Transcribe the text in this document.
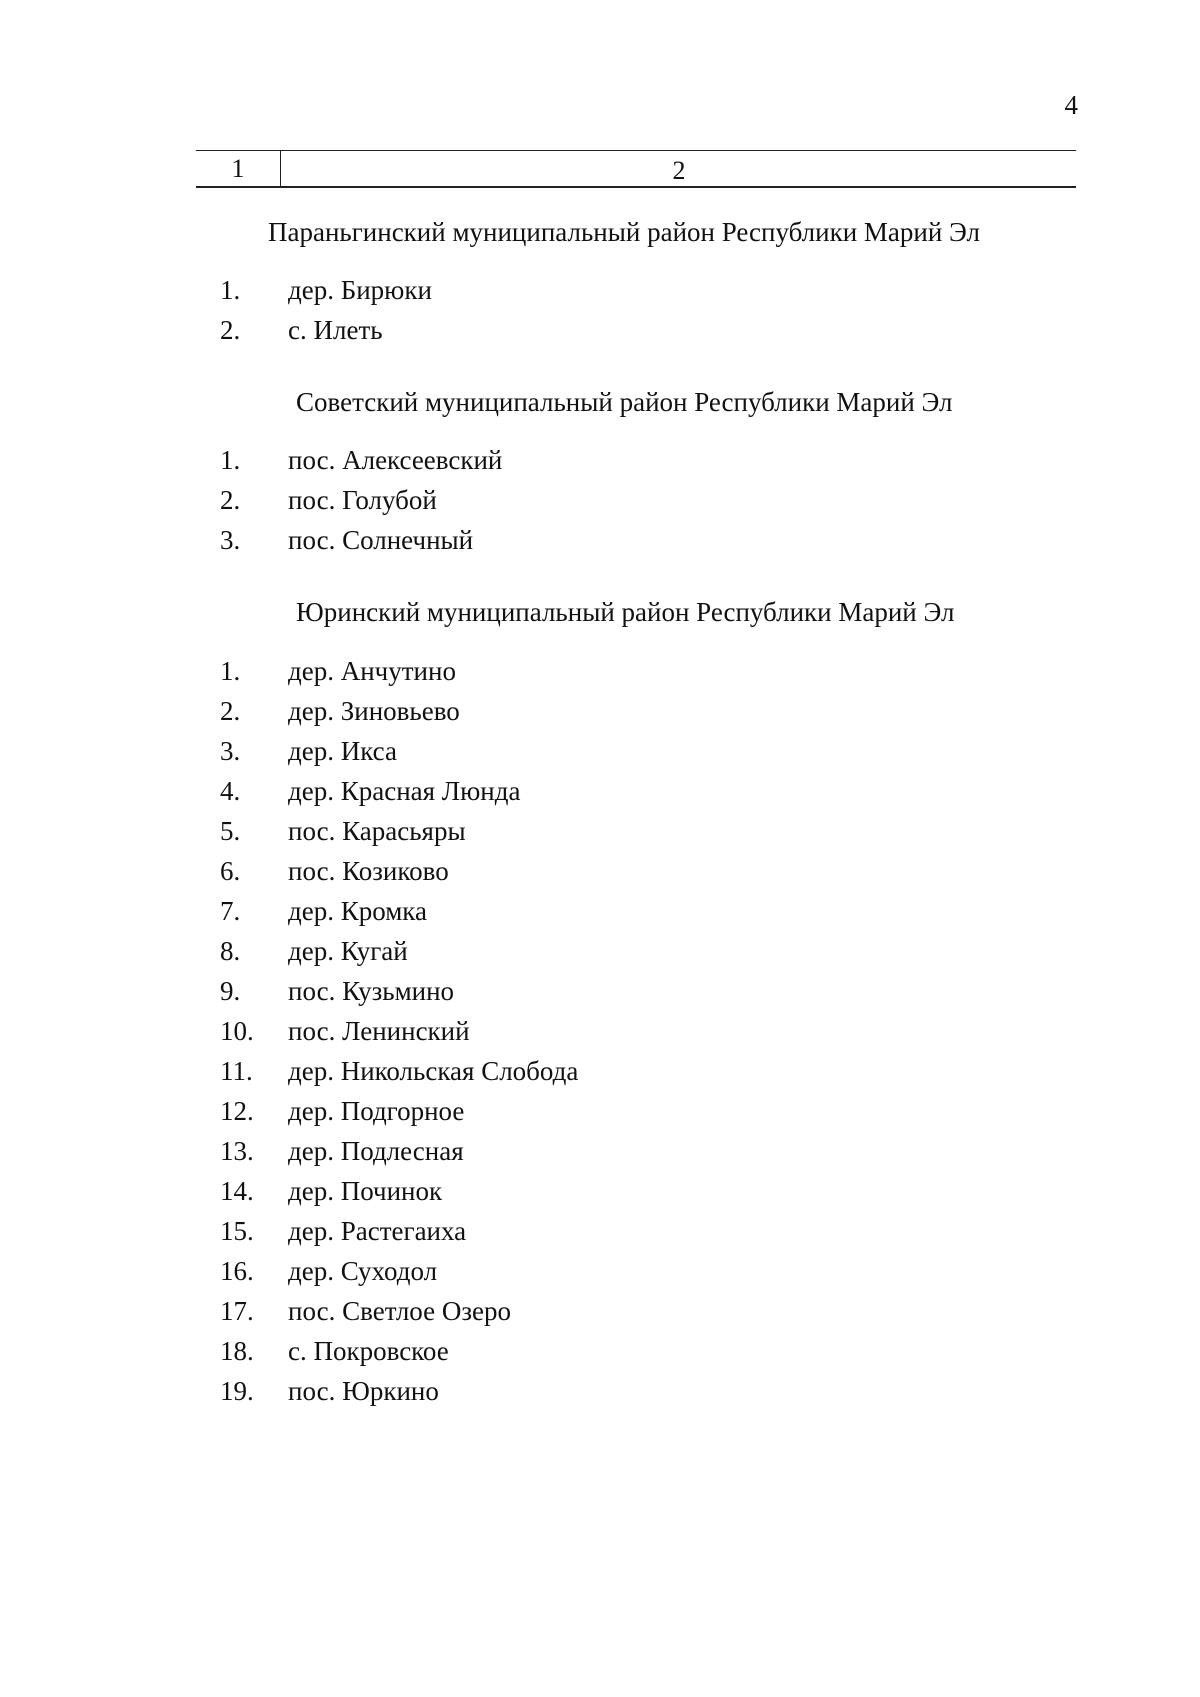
4
1	2
Параньгинский муниципальный район Республики Марий Эл
1.	дер. Бирюки
2.	с. Илеть
Советский муниципальный район Республики Марий Эл
1.	пос. Алексеевский
2.	пос. Голубой
3.	пос. Солнечный
Юринский муниципальный район Республики Марий Эл
1.	дер. Анчутино
2.	дер. Зиновьево
3.	дер. Икса
4.	дер. Красная Люнда
5.	пос. Карасьяры
6.	пос. Козиково
7.	дер. Кромка
8.	дер. Кугай
9.	пос. Кузьмино
10. пос. Ленинский
11. дер. Никольская Слобода
12. дер. Подгорное
13. дер. Подлесная
14. дер. Починок
15. дер. Растегаиха
16. дер. Суходол
17. пос. Светлое Озеро
18. с. Покровское
19. пос. Юркино
